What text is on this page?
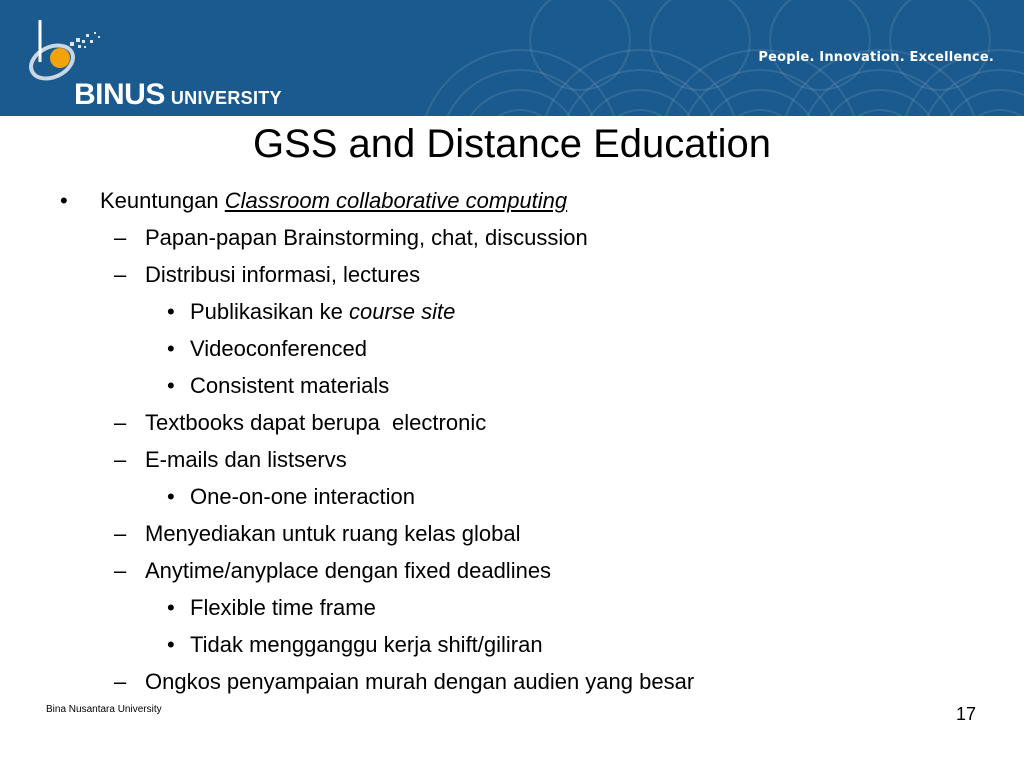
BINUS UNIVERSITY
People. Innovation. Excellence.
GSS and Distance Education
• Keuntungan Classroom collaborative computing
– Papan-papan Brainstorming, chat, discussion
– Distribusi informasi, lectures
• Publikasikan ke course site
• Videoconferenced
• Consistent materials
– Textbooks dapat berupa  electronic
– E-mails dan listservs
• One-on-one interaction
– Menyediakan untuk ruang kelas global
– Anytime/anyplace dengan fixed deadlines
• Flexible time frame
• Tidak mengganggu kerja shift/giliran
– Ongkos penyampaian murah dengan audien yang besar
Bina Nusantara University	17
